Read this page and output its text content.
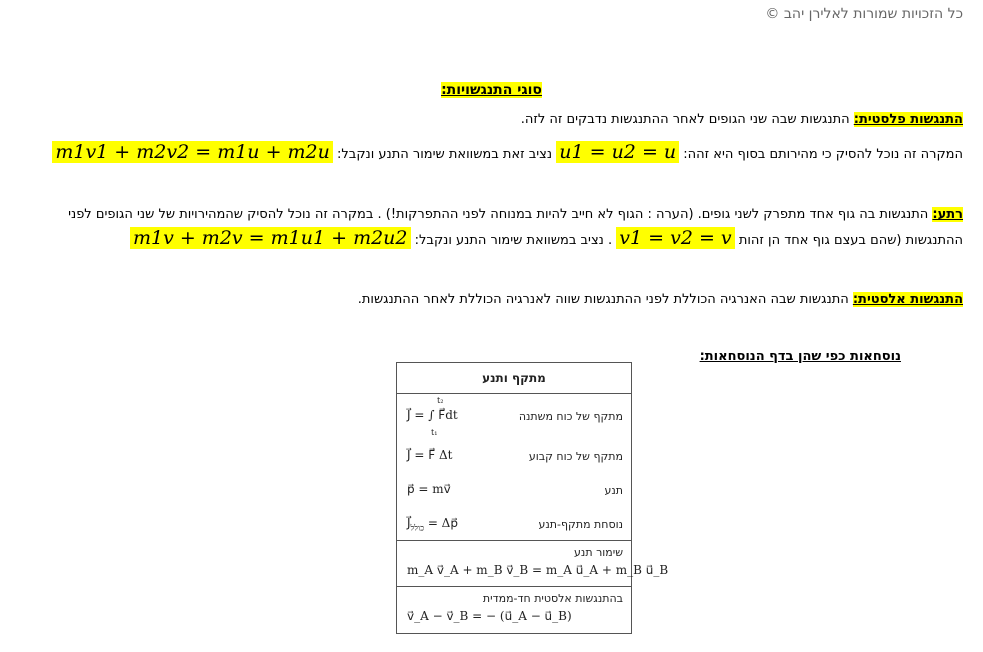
כל הזכויות שמורות לאלירן יהב ©
סוגי התנגשויות:
התנגשות פלסטית: התנגשות שבה שני הגופים לאחר ההתנגשות נדבקים זה לזה.
המקרה זה נוכל להסיק כי מהירותם בסוף היא זהה: u1 = u2 = u נציב זאת במשוואת שימור התנע ונקבל: m1v1 + m2v2 = m1u + m2u
רתע: התנגשות בה גוף אחד מתפרק לשני גופים. (הערה : הגוף לא חייב להיות במנוחה לפני ההתפרקות!) . במקרה זה נוכל להסיק שהמהירויות של שני הגופים לפני
ההתנגשות (שהם בעצם גוף אחד הן זהות v1 = v2 = v . נציב במשוואת שימור התנע ונקבל: m1v + m2v = m1u1 + m2u2
התנגשות אלסטית: התנגשות שבה האנרגיה הכוללת לפני ההתנגשות שווה לאנרגיה הכוללת לאחר ההתנגשות.
נוסחאות כפי שהן בדף הנוסחאות:
מתקף ותנע
מתקף של כוח משתנה
J⃗ = ∫ F⃗dt
t₂
t₁
מתקף של כוח קבוע
J⃗ = F⃗ Δt
תנע
p⃗ = mv⃗
נוסחת מתקף-תנע
$J⃗_{כולל}$ = Δp⃗
שימור תנע
m_A v⃗_A + m_B v⃗_B = m_A u⃗_A + m_B u⃗_B
בהתנגשות אלסטית חד-ממדית
v⃗_A − v⃗_B = − (u⃗_A − u⃗_B)
